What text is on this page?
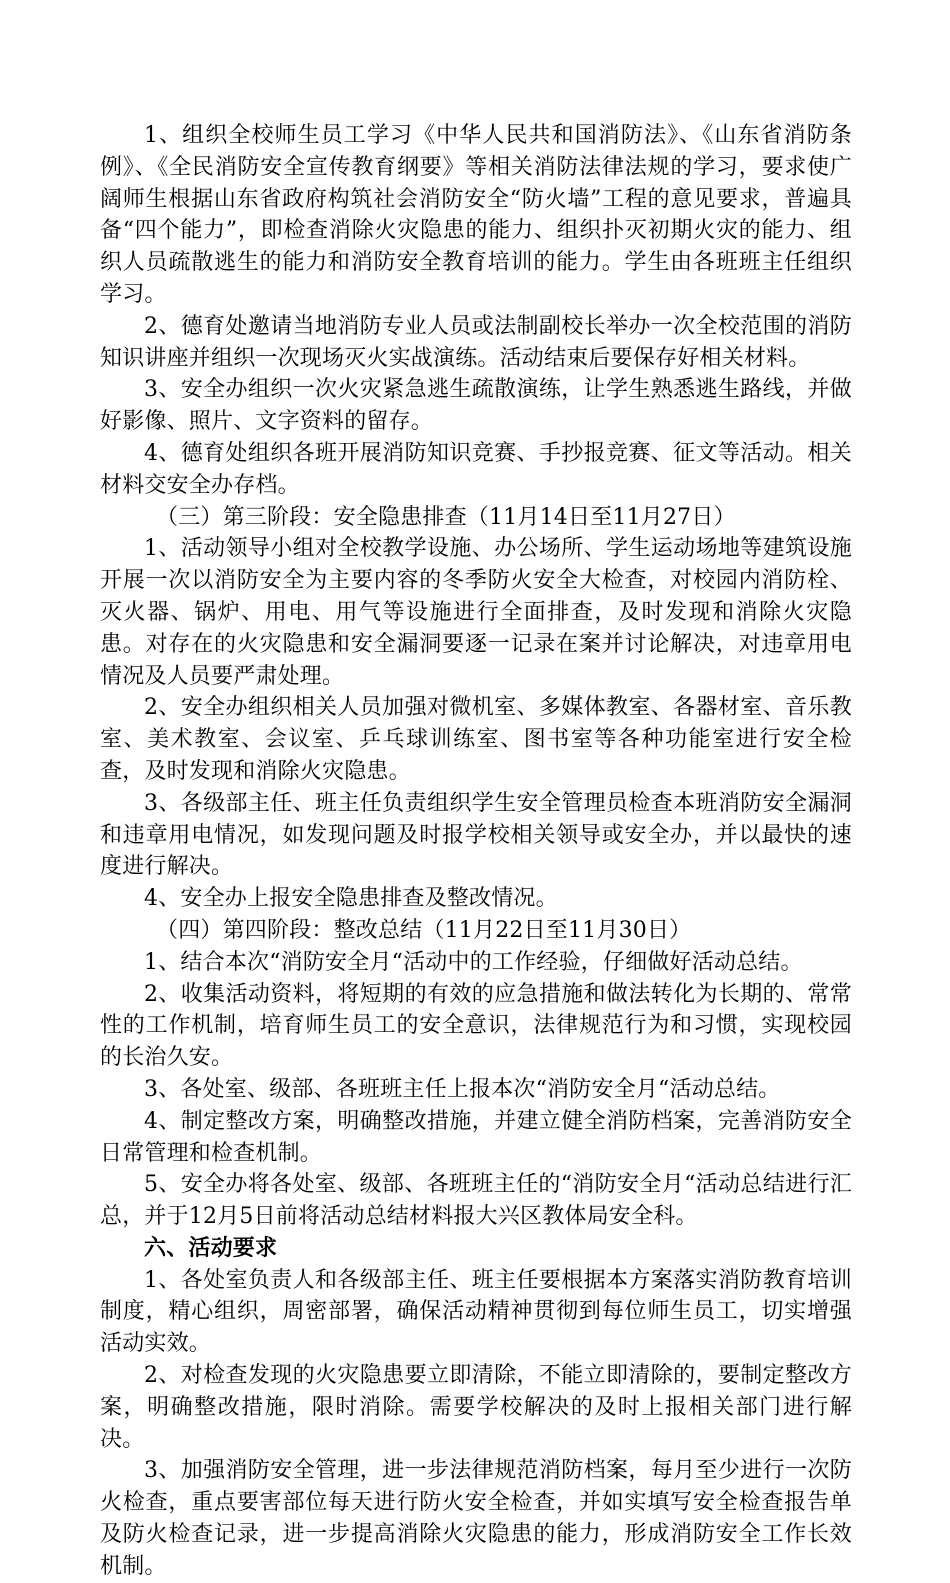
1、组织全校师生员工学习《中华人民共和国消防法》、《山东省消防条例》、《全民消防安全宣传教育纲要》等相关消防法律法规的学习，要求使广阔师生根据山东省政府构筑社会消防安全“防火墙”工程的意见要求，普遍具备“四个能力”，即检查消除火灾隐患的能力、组织扑灭初期火灾的能力、组织人员疏散逃生的能力和消防安全教育培训的能力。学生由各班班主任组织学习。

2、德育处邀请当地消防专业人员或法制副校长举办一次全校范围的消防知识讲座并组织一次现场灭火实战演练。活动结束后要保存好相关材料。

3、安全办组织一次火灾紧急逃生疏散演练，让学生熟悉逃生路线，并做好影像、照片、文字资料的留存。

4、德育处组织各班开展消防知识竞赛、手抄报竞赛、征文等活动。相关材料交安全办存档。

（三）第三阶段：安全隐患排查（11月14日至11月27日）

1、活动领导小组对全校教学设施、办公场所、学生运动场地等建筑设施开展一次以消防安全为主要内容的冬季防火安全大检查，对校园内消防栓、灭火器、锅炉、用电、用气等设施进行全面排查，及时发现和消除火灾隐患。对存在的火灾隐患和安全漏洞要逐一记录在案并讨论解决，对违章用电情况及人员要严肃处理。

2、安全办组织相关人员加强对微机室、多媒体教室、各器材室、音乐教室、美术教室、会议室、乒乓球训练室、图书室等各种功能室进行安全检查，及时发现和消除火灾隐患。

3、各级部主任、班主任负责组织学生安全管理员检查本班消防安全漏洞和违章用电情况，如发现问题及时报学校相关领导或安全办，并以最快的速度进行解决。

4、安全办上报安全隐患排查及整改情况。

（四）第四阶段：整改总结（11月22日至11月30日）

1、结合本次“消防安全月“活动中的工作经验，仔细做好活动总结。

2、收集活动资料，将短期的有效的应急措施和做法转化为长期的、常常性的工作机制，培育师生员工的安全意识，法律规范行为和习惯，实现校园的长治久安。

3、各处室、级部、各班班主任上报本次“消防安全月“活动总结。

4、制定整改方案，明确整改措施，并建立健全消防档案，完善消防安全日常管理和检查机制。

5、安全办将各处室、级部、各班班主任的“消防安全月“活动总结进行汇总，并于12月5日前将活动总结材料报大兴区教体局安全科。

六、活动要求

1、各处室负责人和各级部主任、班主任要根据本方案落实消防教育培训制度，精心组织，周密部署，确保活动精神贯彻到每位师生员工，切实增强活动实效。

2、对检查发现的火灾隐患要立即清除，不能立即清除的，要制定整改方案，明确整改措施，限时消除。需要学校解决的及时上报相关部门进行解决。

3、加强消防安全管理，进一步法律规范消防档案，每月至少进行一次防火检查，重点要害部位每天进行防火安全检查，并如实填写安全检查报告单及防火检查记录，进一步提高消除火灾隐患的能力，形成消防安全工作长效机制。
